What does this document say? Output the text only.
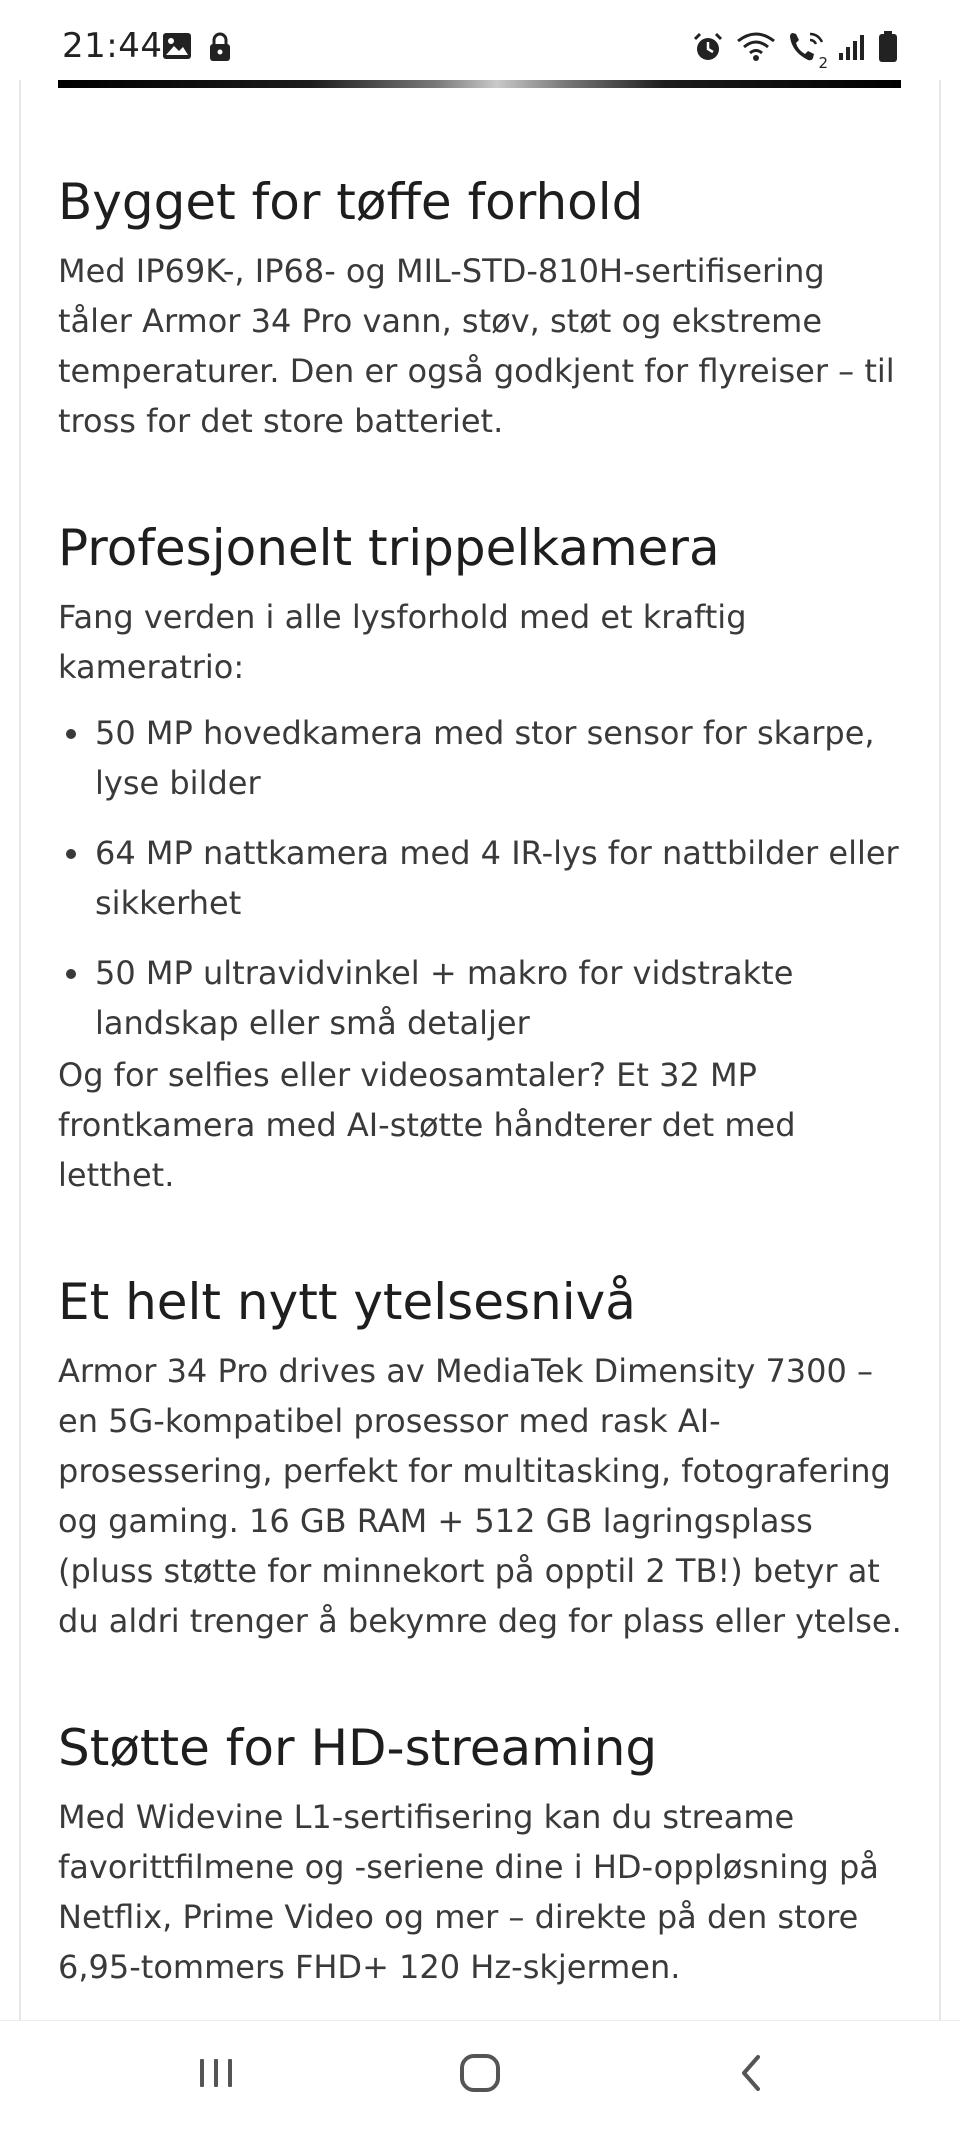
21:44	2
Bygget for tøffe forhold

Med IP69K-, IP68- og MIL-STD-810H-sertifisering tåler Armor 34 Pro vann, støv, støt og ekstreme temperaturer. Den er også godkjent for flyreiser – til tross for det store batteriet.

Profesjonelt trippelkamera

Fang verden i alle lysforhold med et kraftig kameratrio:

50 MP hovedkamera med stor sensor for skarpe, lyse bilder
64 MP nattkamera med 4 IR-lys for nattbilder eller sikkerhet
50 MP ultravidvinkel + makro for vidstrakte landskap eller små detaljer

Og for selfies eller videosamtaler? Et 32 MP frontkamera med AI-støtte håndterer det med letthet.

Et helt nytt ytelsesnivå

Armor 34 Pro drives av MediaTek Dimensity 7300 – en 5G-kompatibel prosessor med rask AI-prosessering, perfekt for multitasking, fotografering og gaming. 16 GB RAM + 512 GB lagringsplass (pluss støtte for minnekort på opptil 2 TB!) betyr at du aldri trenger å bekymre deg for plass eller ytelse.

Støtte for HD-streaming

Med Widevine L1-sertifisering kan du streame favorittfilmene og -seriene dine i HD-oppløsning på Netflix, Prime Video og mer – direkte på den store 6,95-tommers FHD+ 120 Hz-skjermen.
